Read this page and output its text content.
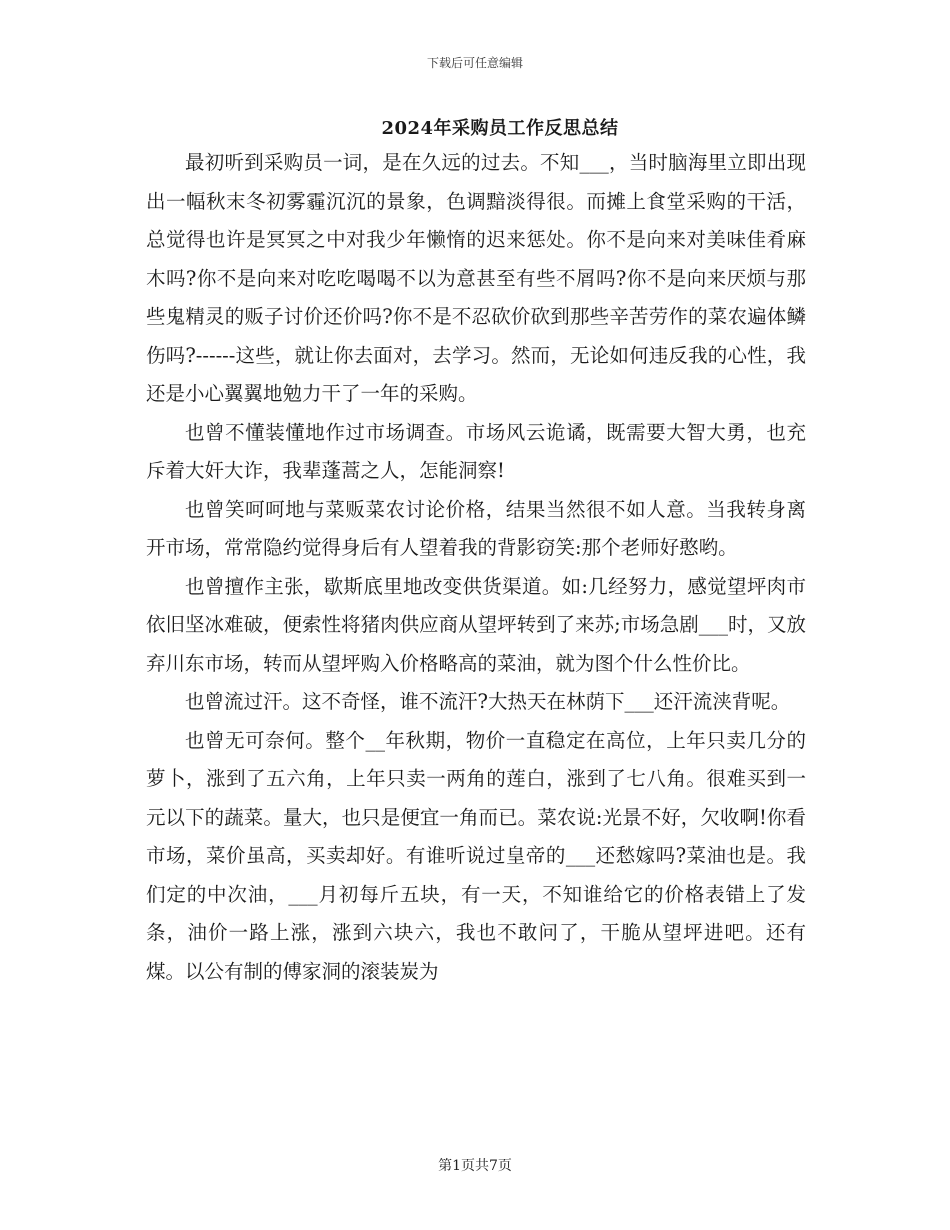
下载后可任意编辑
2024年采购员工作反思总结

最初听到采购员一词，是在久远的过去。不知___，当时脑海里立即出现出一幅秋末冬初雾霾沉沉的景象，色调黯淡得很。而摊上食堂采购的干活，总觉得也许是冥冥之中对我少年懒惰的迟来惩处。你不是向来对美味佳肴麻木吗?你不是向来对吃吃喝喝不以为意甚至有些不屑吗?你不是向来厌烦与那些鬼精灵的贩子讨价还价吗?你不是不忍砍价砍到那些辛苦劳作的菜农遍体鳞伤吗?------这些，就让你去面对，去学习。然而，无论如何违反我的心性，我还是小心翼翼地勉力干了一年的采购。

也曾不懂装懂地作过市场调查。市场风云诡谲，既需要大智大勇，也充斥着大奸大诈，我辈蓬蒿之人，怎能洞察!

也曾笑呵呵地与菜贩菜农讨论价格，结果当然很不如人意。当我转身离开市场，常常隐约觉得身后有人望着我的背影窃笑:那个老师好憨哟。

也曾擅作主张，歇斯底里地改变供货渠道。如:几经努力，感觉望坪肉市依旧坚冰难破，便索性将猪肉供应商从望坪转到了来苏;市场急剧___时，又放弃川东市场，转而从望坪购入价格略高的菜油，就为图个什么性价比。

也曾流过汗。这不奇怪，谁不流汗?大热天在林荫下___还汗流浃背呢。

也曾无可奈何。整个__年秋期，物价一直稳定在高位，上年只卖几分的萝卜，涨到了五六角，上年只卖一两角的莲白，涨到了七八角。很难买到一元以下的蔬菜。量大，也只是便宜一角而已。菜农说:光景不好，欠收啊!你看市场，菜价虽高，买卖却好。有谁听说过皇帝的___还愁嫁吗?菜油也是。我们定的中次油，___月初每斤五块，有一天，不知谁给它的价格表错上了发条，油价一路上涨，涨到六块六，我也不敢问了，干脆从望坪进吧。还有煤。以公有制的傅家洞的滚装炭为

第1页共7页
